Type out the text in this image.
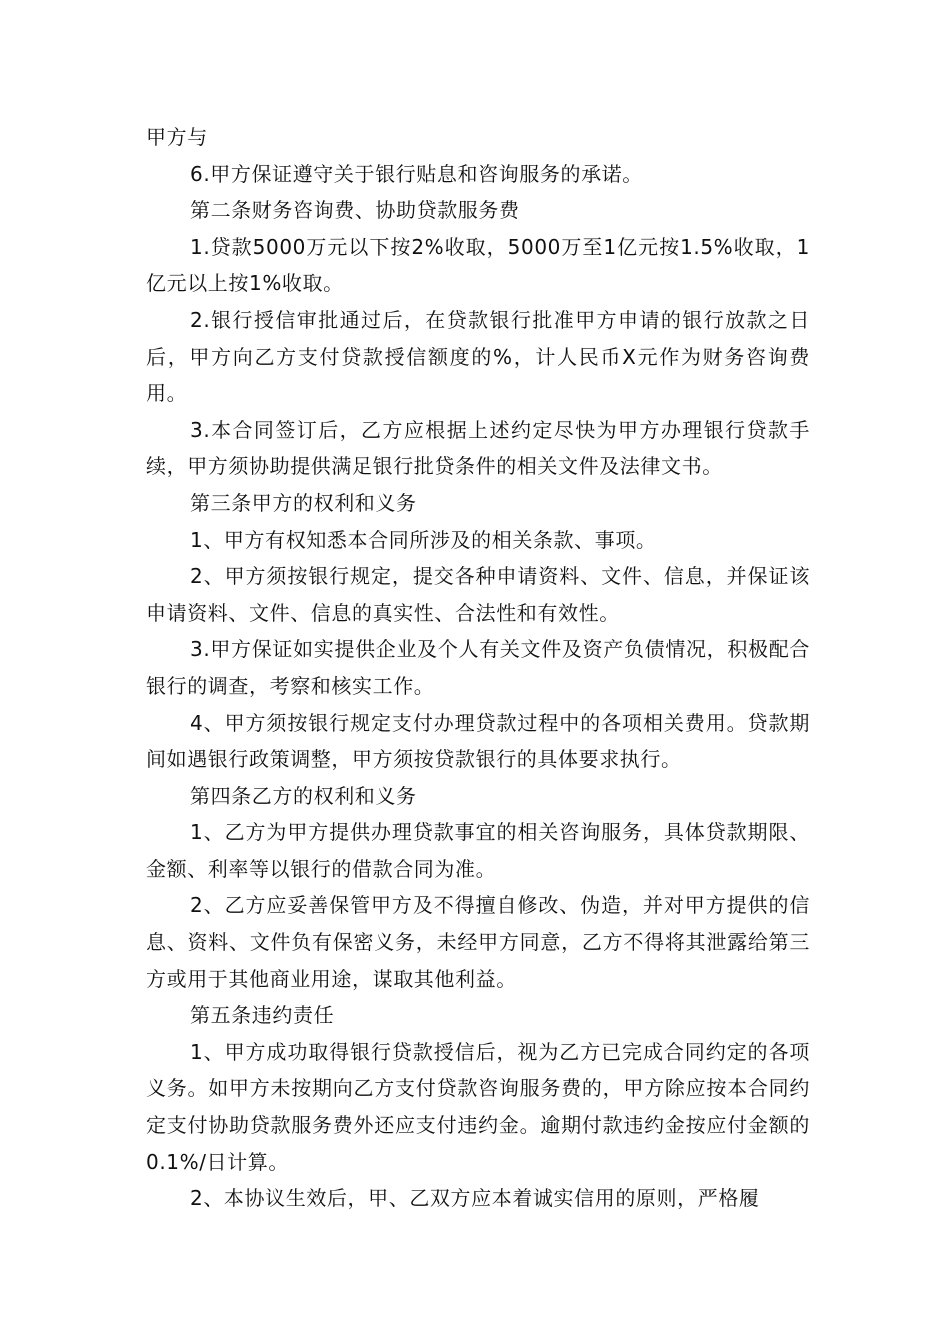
甲方与

6.甲方保证遵守关于银行贴息和咨询服务的承诺。

第二条财务咨询费、协助贷款服务费

1.贷款5000万元以下按2%收取，5000万至1亿元按1.5%收取，1亿元以上按1%收取。

2.银行授信审批通过后，在贷款银行批准甲方申请的银行放款之日后，甲方向乙方支付贷款授信额度的%，计人民币X元作为财务咨询费用。

3.本合同签订后，乙方应根据上述约定尽快为甲方办理银行贷款手续，甲方须协助提供满足银行批贷条件的相关文件及法律文书。

第三条甲方的权利和义务

1、甲方有权知悉本合同所涉及的相关条款、事项。

2、甲方须按银行规定，提交各种申请资料、文件、信息，并保证该申请资料、文件、信息的真实性、合法性和有效性。

3.甲方保证如实提供企业及个人有关文件及资产负债情况，积极配合银行的调查，考察和核实工作。

4、甲方须按银行规定支付办理贷款过程中的各项相关费用。贷款期间如遇银行政策调整，甲方须按贷款银行的具体要求执行。

第四条乙方的权利和义务

1、乙方为甲方提供办理贷款事宜的相关咨询服务，具体贷款期限、金额、利率等以银行的借款合同为准。

2、乙方应妥善保管甲方及不得擅自修改、伪造，并对甲方提供的信息、资料、文件负有保密义务，未经甲方同意，乙方不得将其泄露给第三方或用于其他商业用途，谋取其他利益。

第五条违约责任

1、甲方成功取得银行贷款授信后，视为乙方已完成合同约定的各项义务。如甲方未按期向乙方支付贷款咨询服务费的，甲方除应按本合同约定支付协助贷款服务费外还应支付违约金。逾期付款违约金按应付金额的0.1%/日计算。

2、本协议生效后，甲、乙双方应本着诚实信用的原则，严格履
